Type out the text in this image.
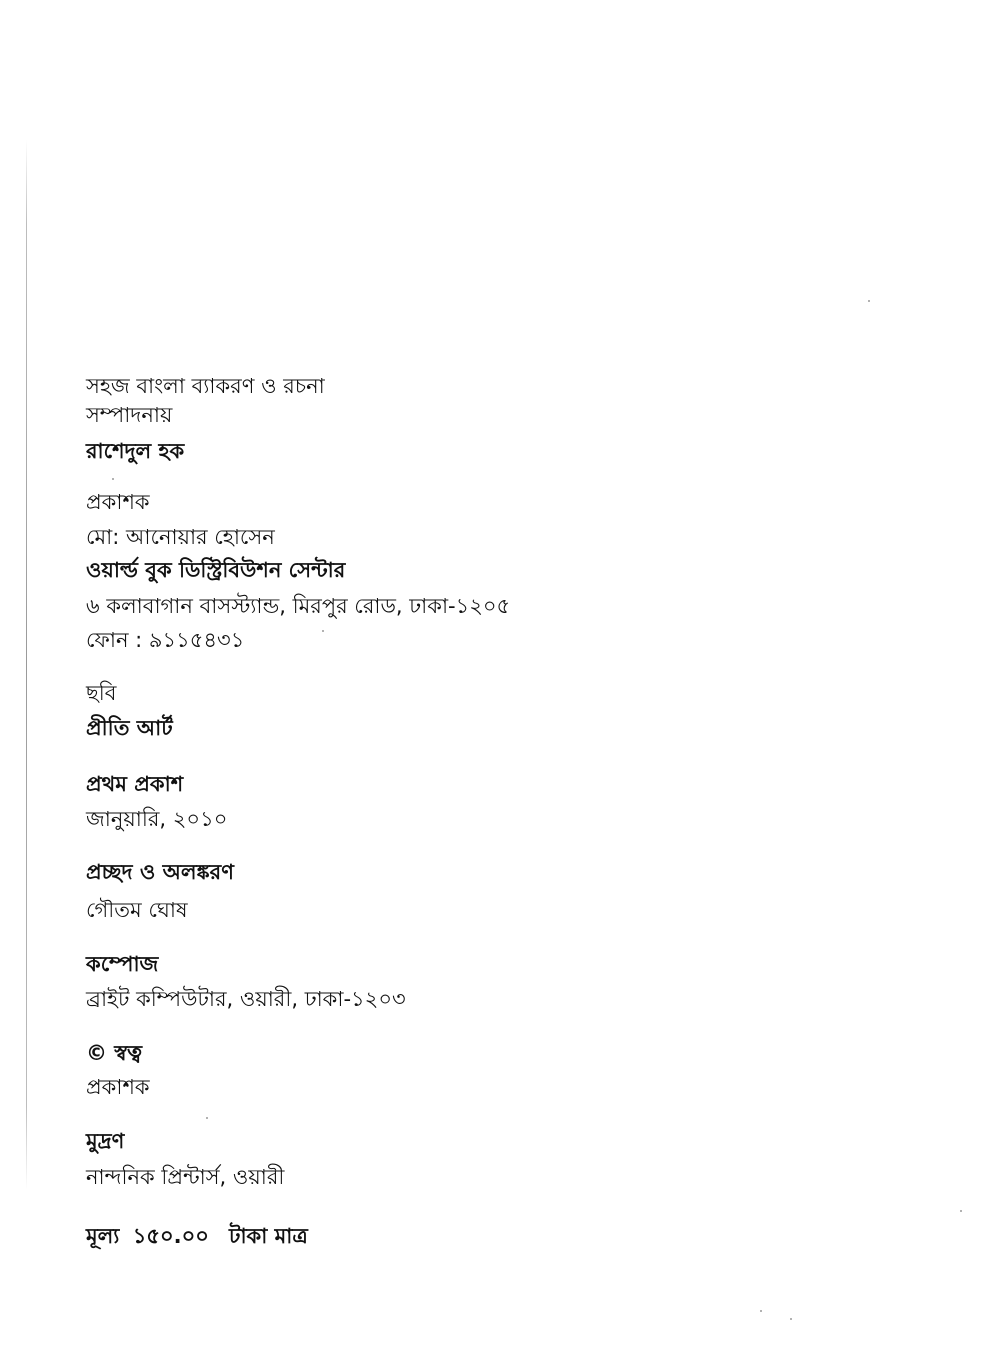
সহজ বাংলা ব্যাকরণ ও রচনা
সম্পাদনায়
রাশেদুল হক
প্রকাশক
মো: আনোয়ার হোসেন
ওয়ার্ল্ড বুক ডিস্ট্রিবিউশন সেন্টার
৬ কলাবাগান বাসস্ট্যান্ড, মিরপুর রোড, ঢাকা-১২০৫
ফোন : ৯১১৫৪৩১
ছবি
প্রীতি আর্ট
প্রথম প্রকাশ
জানুয়ারি, ২০১০
প্রচ্ছদ ও অলঙ্করণ
গৌতম ঘোষ
কম্পোজ
ব্রাইট কম্পিউটার, ওয়ারী, ঢাকা-১২০৩
© স্বত্ব
প্রকাশক
মুদ্রণ
নান্দনিক প্রিন্টার্স, ওয়ারী
মূল্য ১৫০.০০ টাকা মাত্র
